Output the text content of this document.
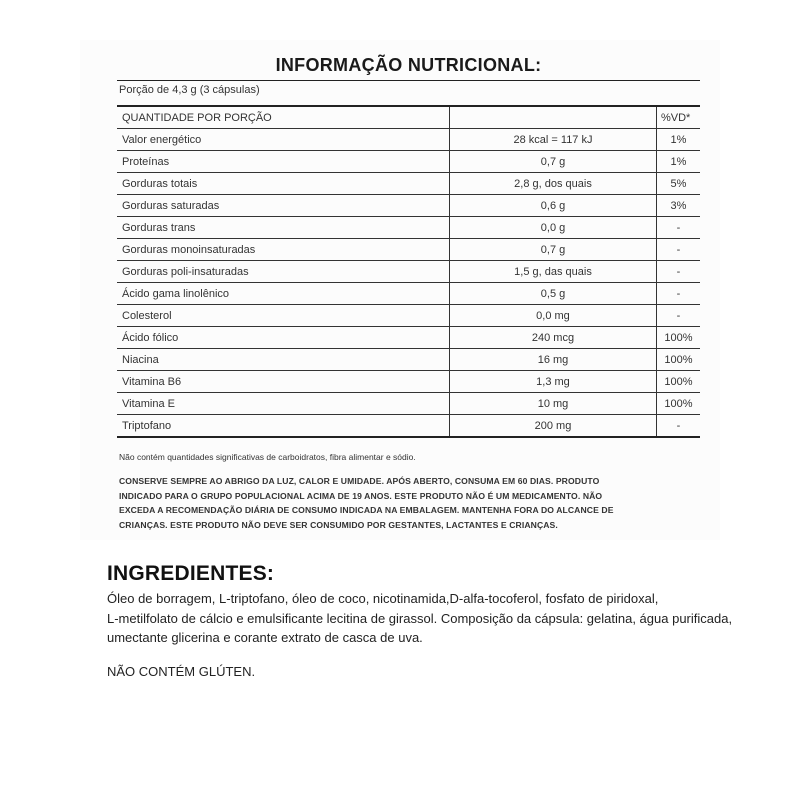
INFORMAÇÃO NUTRICIONAL:
Porção de 4,3 g (3 cápsulas)
QUANTIDADE POR PORÇÃO		%VD*
Valor energético	28 kcal = 117 kJ	1%
Proteínas	0,7 g	1%
Gorduras totais	2,8 g, dos quais	5%
Gorduras saturadas	0,6 g	3%
Gorduras trans	0,0 g	-
Gorduras monoinsaturadas	0,7 g	-
Gorduras poli-insaturadas	1,5 g, das quais	-
Ácido gama linolênico	0,5 g	-
Colesterol	0,0 mg	-
Ácido fólico	240 mcg	100%
Niacina	16 mg	100%
Vitamina B6	1,3 mg	100%
Vitamina E	10 mg	100%
Triptofano	200 mg	-
Não contém quantidades significativas de carboidratos, fibra alimentar e sódio.
CONSERVE SEMPRE AO ABRIGO DA LUZ, CALOR E UMIDADE. APÓS ABERTO, CONSUMA EM 60 DIAS. PRODUTO
INDICADO PARA O GRUPO POPULACIONAL ACIMA DE 19 ANOS. ESTE PRODUTO NÃO É UM MEDICAMENTO. NÃO
EXCEDA A RECOMENDAÇÃO DIÁRIA DE CONSUMO INDICADA NA EMBALAGEM. MANTENHA FORA DO ALCANCE DE
CRIANÇAS. ESTE PRODUTO NÃO DEVE SER CONSUMIDO POR GESTANTES, LACTANTES E CRIANÇAS.
INGREDIENTES:
Óleo de borragem, L-triptofano, óleo de coco, nicotinamida,D-alfa-tocoferol, fosfato de piridoxal,
L-metilfolato de cálcio e emulsificante lecitina de girassol. Composição da cápsula: gelatina, água purificada,
umectante glicerina e corante extrato de casca de uva.
NÃO CONTÉM GLÚTEN.
